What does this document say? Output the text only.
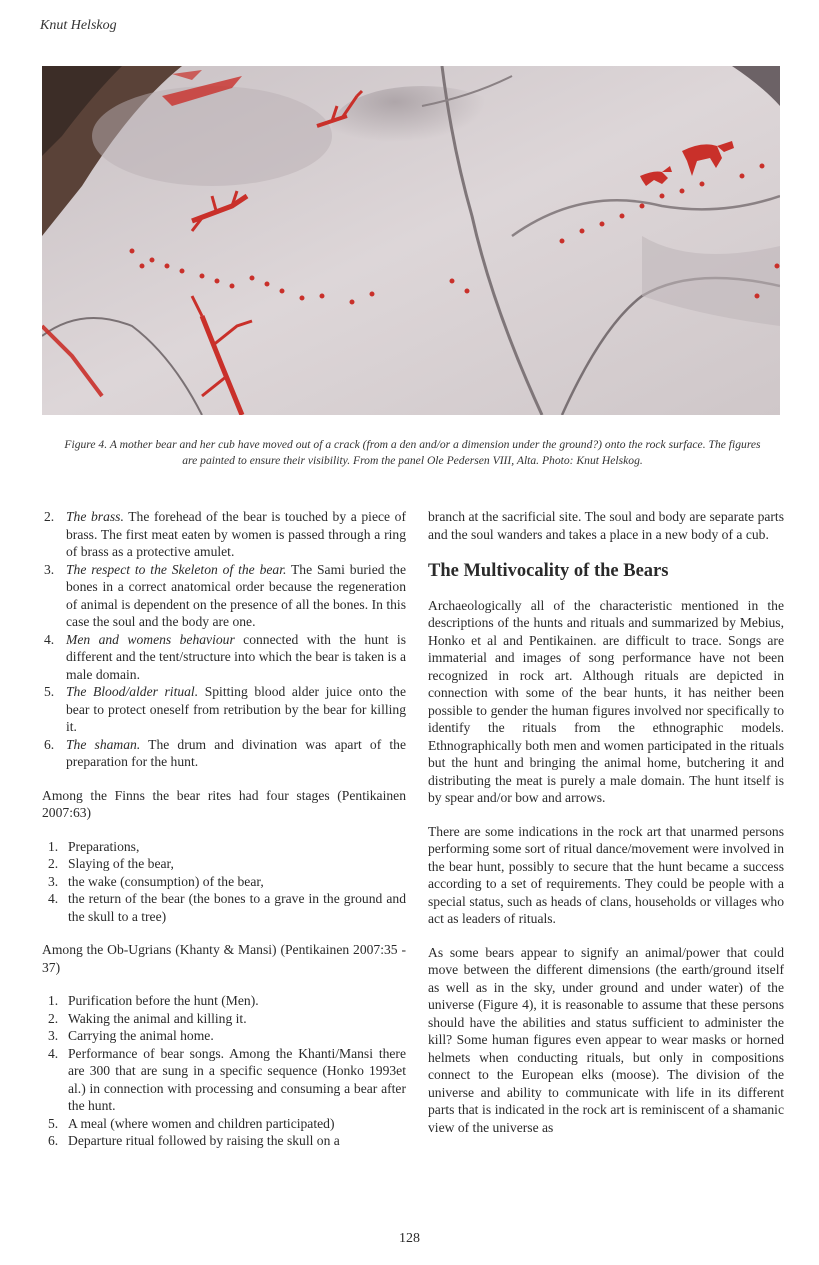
Knut Helskog
Figure 4. A mother bear and her cub have moved out of a crack (from a den and/or a dimension under the ground?) onto the rock surface. The figures are painted to ensure their visibility. From the panel Ole Pedersen VIII, Alta. Photo: Knut Helskog.
2. The brass. The forehead of the bear is touched by a piece of brass. The first meat eaten by women is passed through a ring of brass as a protective amulet.
3. The respect to the Skeleton of the bear. The Sami buried the bones in a correct anatomical order because the regeneration of animal is dependent on the presence of all the bones. In this case the soul and the body are one.
4. Men and womens behaviour connected with the hunt is different and the tent/structure into which the bear is taken is a male domain.
5. The Blood/alder ritual. Spitting blood alder juice onto the bear to protect oneself from retribution by the bear for killing it.
6. The shaman. The drum and divination was apart of the preparation for the hunt.

Among the Finns the bear rites had four stages (Pentikainen 2007:63)

1. Preparations,
2. Slaying of the bear,
3. the wake (consumption) of the bear,
4. the return of the bear (the bones to a grave in the ground and the skull to a tree)

Among the Ob-Ugrians (Khanty & Mansi) (Pentikainen 2007:35 - 37)

1. Purification before the hunt (Men).
2. Waking the animal and killing it.
3. Carrying the animal home.
4. Performance of bear songs. Among the Khanti/Mansi there are 300 that are sung in a specific sequence (Honko 1993et al.) in connection with processing and consuming a bear after the hunt.
5. A meal (where women and children participated)
6. Departure ritual followed by raising the skull on a

branch at the sacrificial site. The soul and body are separate parts and the soul wanders and takes a place in a new body of a cub.

The Multivocality of the Bears

Archaeologically all of the characteristic mentioned in the descriptions of the hunts and rituals and summarized by Mebius, Honko et al and Pentikainen. are difficult to trace. Songs are immaterial and images of song performance have not been recognized in rock art. Although rituals are depicted in connection with some of the bear hunts, it has neither been possible to gender the human figures involved nor specifically to identify the rituals from the ethnographic models. Ethnographically both men and women participated in the rituals but the hunt and bringing the animal home, butchering it and distributing the meat is purely a male domain. The hunt itself is by spear and/or bow and arrows.

There are some indications in the rock art that unarmed persons performing some sort of ritual dance/movement were involved in the bear hunt, possibly to secure that the hunt became a success according to a set of requirements. They could be people with a special status, such as heads of clans, households or villages who act as leaders of rituals.

As some bears appear to signify an animal/power that could move between the different dimensions (the earth/ground itself as well as in the sky, under ground and under water) of the universe (Figure 4), it is reasonable to assume that these persons should have the abilities and status sufficient to administer the kill? Some human figures even appear to wear masks or horned helmets when conducting rituals, but only in compositions connect to the European elks (moose). The division of the universe and ability to communicate with life in its different parts that is indicated in the rock art is reminiscent of a shamanic view of the universe as

128
